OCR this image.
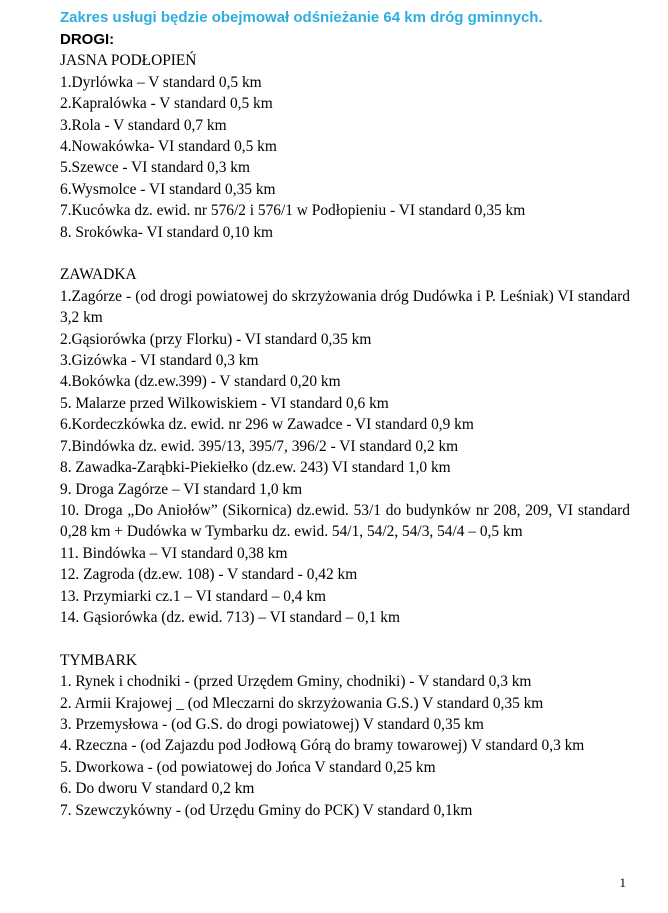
Zakres usługi będzie obejmował odśnieżanie 64 km dróg gminnych.
DROGI:
JASNA PODŁOPIEŃ
1.Dyrlówka – V standard 0,5 km
2.Kapralówka - V standard 0,5 km
3.Rola - V standard 0,7 km
4.Nowakówka- VI standard 0,5 km
5.Szewce - VI standard 0,3 km
6.Wysmolce - VI standard 0,35 km
7.Kucówka dz. ewid. nr 576/2 i 576/1 w Podłopieniu - VI standard 0,35 km
8. Srokówka- VI standard 0,10 km
ZAWADKA
1.Zagórze - (od drogi powiatowej do skrzyżowania dróg Dudówka i P. Leśniak) VI standard 3,2 km
2.Gąsiorówka (przy Florku) - VI standard 0,35 km
3.Gizówka - VI standard 0,3 km
4.Bokówka (dz.ew.399) - V standard 0,20 km
5. Malarze przed Wilkowiskiem - VI standard 0,6 km
6.Kordeczkówka dz. ewid. nr 296 w Zawadce - VI standard 0,9 km
7.Bindówka dz. ewid. 395/13, 395/7, 396/2 - VI standard 0,2 km
8. Zawadka-Zarąbki-Piekiełko (dz.ew. 243) VI standard 1,0 km
9. Droga Zagórze – VI standard 1,0 km
10. Droga „Do Aniołów” (Sikornica) dz.ewid. 53/1 do budynków nr 208, 209, VI standard 0,28 km + Dudówka w Tymbarku dz. ewid. 54/1, 54/2, 54/3, 54/4 – 0,5 km
11. Bindówka – VI standard 0,38 km
12. Zagroda (dz.ew. 108) - V standard - 0,42 km
13. Przymiarki cz.1 – VI standard – 0,4 km
14. Gąsiorówka (dz. ewid. 713) – VI standard – 0,1 km
TYMBARK
1. Rynek i chodniki - (przed Urzędem Gminy, chodniki) - V standard 0,3 km
2. Armii Krajowej _ (od Mleczarni do skrzyżowania G.S.) V standard 0,35 km
3. Przemysłowa - (od G.S. do drogi powiatowej) V standard 0,35 km
4. Rzeczna - (od Zajazdu pod Jodłową Górą do bramy towarowej) V standard 0,3 km
5. Dworkowa - (od powiatowej do Jońca V standard 0,25 km
6. Do dworu V standard 0,2 km
7. Szewczykówny - (od Urzędu Gminy do PCK) V standard 0,1km
1
